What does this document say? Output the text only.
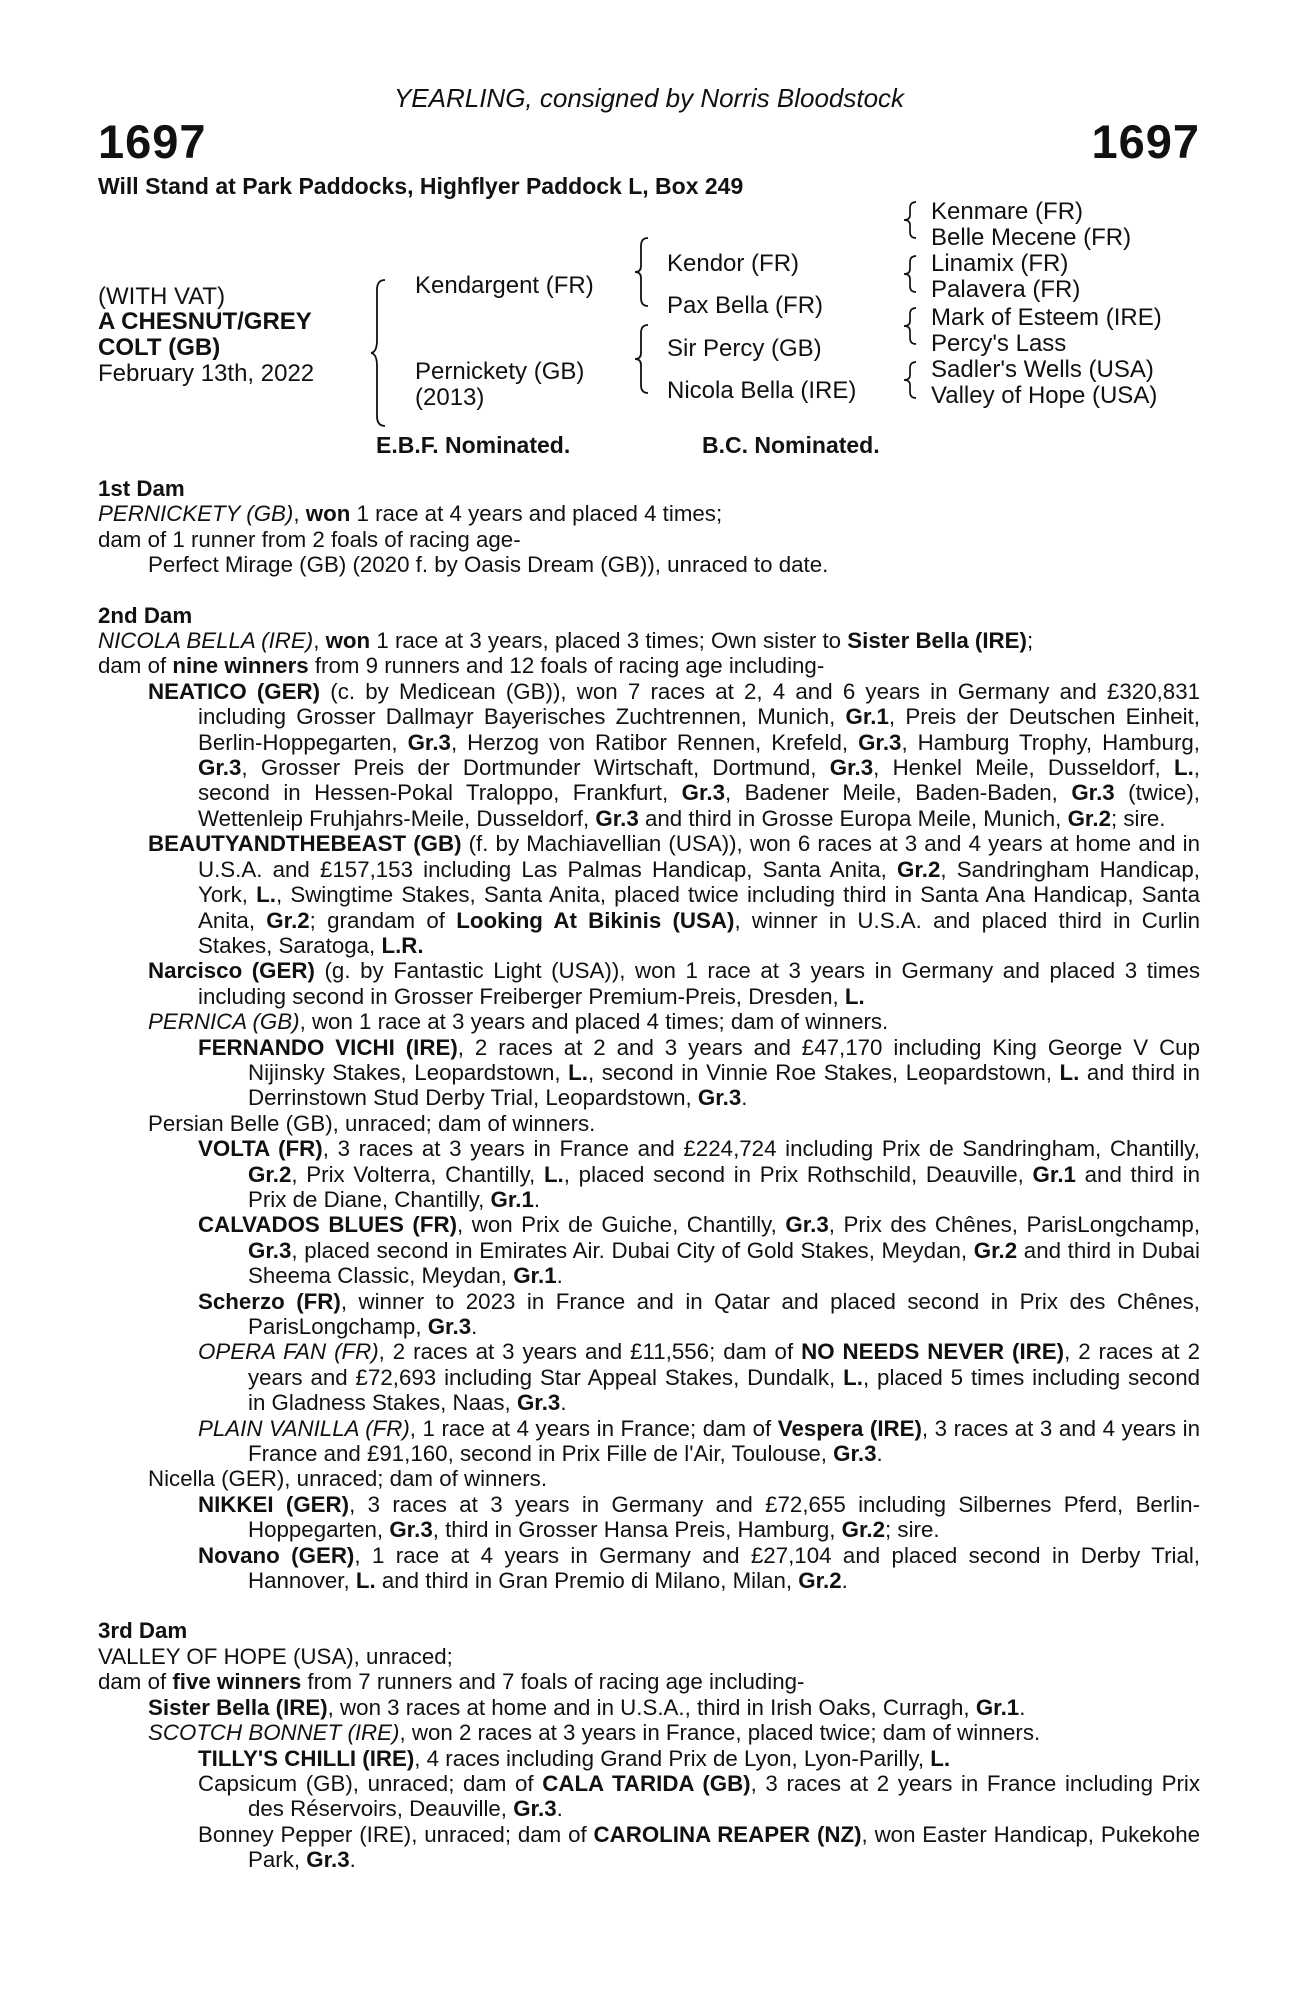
YEARLING, consigned by Norris Bloodstock
1697	1697
Will Stand at Park Paddocks, Highflyer Paddock L, Box 249
(WITH VAT)
A CHESNUT/GREY
COLT (GB)
February 13th, 2022
Kendargent (FR)
Pernickety (GB)
(2013)
Kendor (FR)
Pax Bella (FR)
Sir Percy (GB)
Nicola Bella (IRE)
Kenmare (FR)
Belle Mecene (FR)
Linamix (FR)
Palavera (FR)
Mark of Esteem (IRE)
Percy's Lass
Sadler's Wells (USA)
Valley of Hope (USA)
E.B.F. Nominated.	B.C. Nominated.
1st Dam
PERNICKETY (GB), won 1 race at 4 years and placed 4 times;
dam of 1 runner from 2 foals of racing age-
Perfect Mirage (GB) (2020 f. by Oasis Dream (GB)), unraced to date.
2nd Dam
NICOLA BELLA (IRE), won 1 race at 3 years, placed 3 times; Own sister to Sister Bella (IRE);
dam of nine winners from 9 runners and 12 foals of racing age including-
NEATICO (GER) (c. by Medicean (GB)), won 7 races at 2, 4 and 6 years in Germany and £320,831 including Grosser Dallmayr Bayerisches Zuchtrennen, Munich, Gr.1, Preis der Deutschen Einheit, Berlin-Hoppegarten, Gr.3, Herzog von Ratibor Rennen, Krefeld, Gr.3, Hamburg Trophy, Hamburg, Gr.3, Grosser Preis der Dortmunder Wirtschaft, Dortmund, Gr.3, Henkel Meile, Dusseldorf, L., second in Hessen-Pokal Traloppo, Frankfurt, Gr.3, Badener Meile, Baden-Baden, Gr.3 (twice), Wettenleip Fruhjahrs-Meile, Dusseldorf, Gr.3 and third in Grosse Europa Meile, Munich, Gr.2; sire.
BEAUTYANDTHEBEAST (GB) (f. by Machiavellian (USA)), won 6 races at 3 and 4 years at home and in U.S.A. and £157,153 including Las Palmas Handicap, Santa Anita, Gr.2, Sandringham Handicap, York, L., Swingtime Stakes, Santa Anita, placed twice including third in Santa Ana Handicap, Santa Anita, Gr.2; grandam of Looking At Bikinis (USA), winner in U.S.A. and placed third in Curlin Stakes, Saratoga, L.R.
Narcisco (GER) (g. by Fantastic Light (USA)), won 1 race at 3 years in Germany and placed 3 times including second in Grosser Freiberger Premium-Preis, Dresden, L.
PERNICA (GB), won 1 race at 3 years and placed 4 times; dam of winners.
FERNANDO VICHI (IRE), 2 races at 2 and 3 years and £47,170 including King George V Cup Nijinsky Stakes, Leopardstown, L., second in Vinnie Roe Stakes, Leopardstown, L. and third in Derrinstown Stud Derby Trial, Leopardstown, Gr.3.
Persian Belle (GB), unraced; dam of winners.
VOLTA (FR), 3 races at 3 years in France and £224,724 including Prix de Sandringham, Chantilly, Gr.2, Prix Volterra, Chantilly, L., placed second in Prix Rothschild, Deauville, Gr.1 and third in Prix de Diane, Chantilly, Gr.1.
CALVADOS BLUES (FR), won Prix de Guiche, Chantilly, Gr.3, Prix des Chênes, ParisLongchamp, Gr.3, placed second in Emirates Air. Dubai City of Gold Stakes, Meydan, Gr.2 and third in Dubai Sheema Classic, Meydan, Gr.1.
Scherzo (FR), winner to 2023 in France and in Qatar and placed second in Prix des Chênes, ParisLongchamp, Gr.3.
OPERA FAN (FR), 2 races at 3 years and £11,556; dam of NO NEEDS NEVER (IRE), 2 races at 2 years and £72,693 including Star Appeal Stakes, Dundalk, L., placed 5 times including second in Gladness Stakes, Naas, Gr.3.
PLAIN VANILLA (FR), 1 race at 4 years in France; dam of Vespera (IRE), 3 races at 3 and 4 years in France and £91,160, second in Prix Fille de l'Air, Toulouse, Gr.3.
Nicella (GER), unraced; dam of winners.
NIKKEI (GER), 3 races at 3 years in Germany and £72,655 including Silbernes Pferd, Berlin-Hoppegarten, Gr.3, third in Grosser Hansa Preis, Hamburg, Gr.2; sire.
Novano (GER), 1 race at 4 years in Germany and £27,104 and placed second in Derby Trial, Hannover, L. and third in Gran Premio di Milano, Milan, Gr.2.
3rd Dam
VALLEY OF HOPE (USA), unraced;
dam of five winners from 7 runners and 7 foals of racing age including-
Sister Bella (IRE), won 3 races at home and in U.S.A., third in Irish Oaks, Curragh, Gr.1.
SCOTCH BONNET (IRE), won 2 races at 3 years in France, placed twice; dam of winners.
TILLY'S CHILLI (IRE), 4 races including Grand Prix de Lyon, Lyon-Parilly, L.
Capsicum (GB), unraced; dam of CALA TARIDA (GB), 3 races at 2 years in France including Prix des Réservoirs, Deauville, Gr.3.
Bonney Pepper (IRE), unraced; dam of CAROLINA REAPER (NZ), won Easter Handicap, Pukekohe Park, Gr.3.
